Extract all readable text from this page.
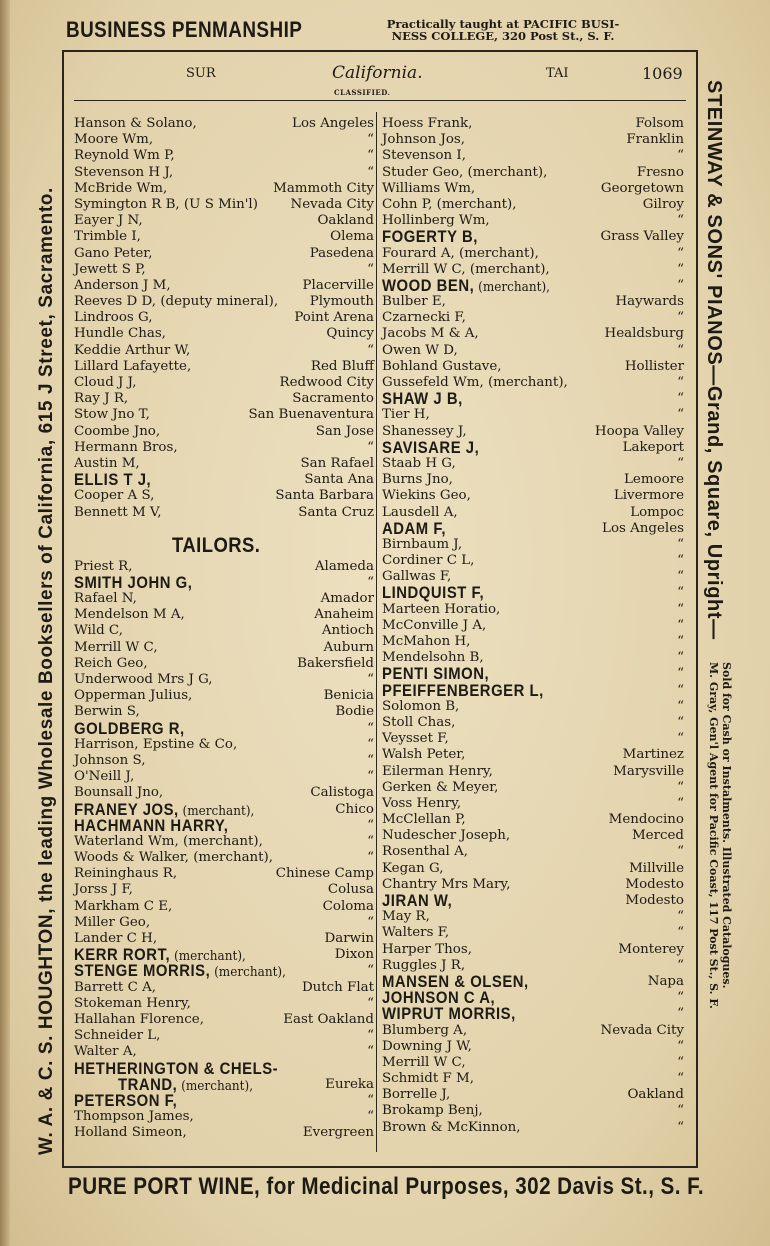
BUSINESS PENMANSHIP	Practically taught at PACIFIC BUSI-
NESS COLLEGE, 320 Post St., S. F.
SUR	California.	TAI	1069
CLASSIFIED.
Hanson & Solano,	Los Angeles
Moore Wm,	“
Reynold Wm P,	“
Stevenson H J,	“
McBride Wm,	Mammoth City
Symington R B, (U S Min'l) Nevada City
Eayer J N,	Oakland
Trimble I,	Olema
Gano Peter,	Pasedena
Jewett S P,	“
Anderson J M,	Placerville
Reeves D D, (deputy mineral), Plymouth
Lindroos G,	Point Arena
Hundle Chas,	Quincy
Keddie Arthur W,	“
Lillard Lafayette,	Red Bluff
Cloud J J,	Redwood City
Ray J R,	Sacramento
Stow Jno T,	San Buenaventura
Coombe Jno,	San Jose
Hermann Bros,	“
Austin M,	San Rafael
ELLIS T J,	Santa Ana
Cooper A S,	Santa Barbara
Bennett M V,	Santa Cruz
TAILORS.
Priest R,	Alameda
SMITH JOHN G,	“
Rafael N,	Amador
Mendelson M A,	Anaheim
Wild C,	Antioch
Merrill W C,	Auburn
Reich Geo,	Bakersfield
Underwood Mrs J G,	“
Opperman Julius,	Benicia
Berwin S,	Bodie
GOLDBERG R,	“
Harrison, Epstine & Co,	“
Johnson S,	“
O'Neill J,	“
Bounsall Jno,	Calistoga
FRANEY JOS, (merchant),	Chico
HACHMANN HARRY,	“
Waterland Wm, (merchant),	“
Woods & Walker, (merchant),	“
Reininghaus R,	Chinese Camp
Jorss J F,	Colusa
Markham C E,	Coloma
Miller Geo,	“
Lander C H,	Darwin
KERR RORT, (merchant),	Dixon
STENGE MORRIS, (merchant),	“
Barrett C A,	Dutch Flat
Stokeman Henry,	“
Hallahan Florence,	East Oakland
Schneider L,	“
Walter A,	“
HETHERINGTON & CHELS-
TRAND, (merchant),	Eureka
PETERSON F,	“
Thompson James,	“
Holland Simeon,	Evergreen
Hoess Frank,	Folsom
Johnson Jos,	Franklin
Stevenson I,	“
Studer Geo, (merchant),	Fresno
Williams Wm,	Georgetown
Cohn P, (merchant),	Gilroy
Hollinberg Wm,	“
FOGERTY B,	Grass Valley
Fourard A, (merchant),	“
Merrill W C, (merchant),	“
WOOD BEN, (merchant),	“
Bulber E,	Haywards
Czarnecki F,	“
Jacobs M & A,	Healdsburg
Owen W D,	“
Bohland Gustave,	Hollister
Gussefeld Wm, (merchant),	“
SHAW J B,	“
Tier H,	“
Shanessey J,	Hoopa Valley
SAVISARE J,	Lakeport
Staab H G,	“
Burns Jno,	Lemoore
Wiekins Geo,	Livermore
Lausdell A,	Lompoc
ADAM F,	Los Angeles
Birnbaum J,	“
Cordiner C L,	“
Gallwas F,	“
LINDQUIST F,	“
Marteen Horatio,	“
McConville J A,	“
McMahon H,	“
Mendelsohn B,	“
PENTI SIMON,	“
PFEIFFENBERGER L,	“
Solomon B,	“
Stoll Chas,	“
Veysset F,	“
Walsh Peter,	Martinez
Eilerman Henry,	Marysville
Gerken & Meyer,	“
Voss Henry,	“
McClellan P,	Mendocino
Nudescher Joseph,	Merced
Rosenthal A,	“
Kegan G,	Millville
Chantry Mrs Mary,	Modesto
JIRAN W,	Modesto
May R,	“
Walters F,	“
Harper Thos,	Monterey
Ruggles J R,	“
MANSEN & OLSEN,	Napa
JOHNSON C A,	“
WIPRUT MORRIS,	“
Blumberg A,	Nevada City
Downing J W,	“
Merrill W C,	“
Schmidt F M,	“
Borrelle J,	Oakland
Brokamp Benj,	“
Brown & McKinnon,	“
W. A. & C. S. HOUGHTON, the leading Wholesale Booksellers of California, 615 J Street, Sacramento.	STEINWAY & SONS' PIANOS—Grand, Square, Upright—
Sold for Cash or Instalments. Illustrated Catalogues.
M. Gray, Gen'l Agent for Pacific Coast, 117 Post St., S. F.
PURE PORT WINE, for Medicinal Purposes, 302 Davis St., S. F.
